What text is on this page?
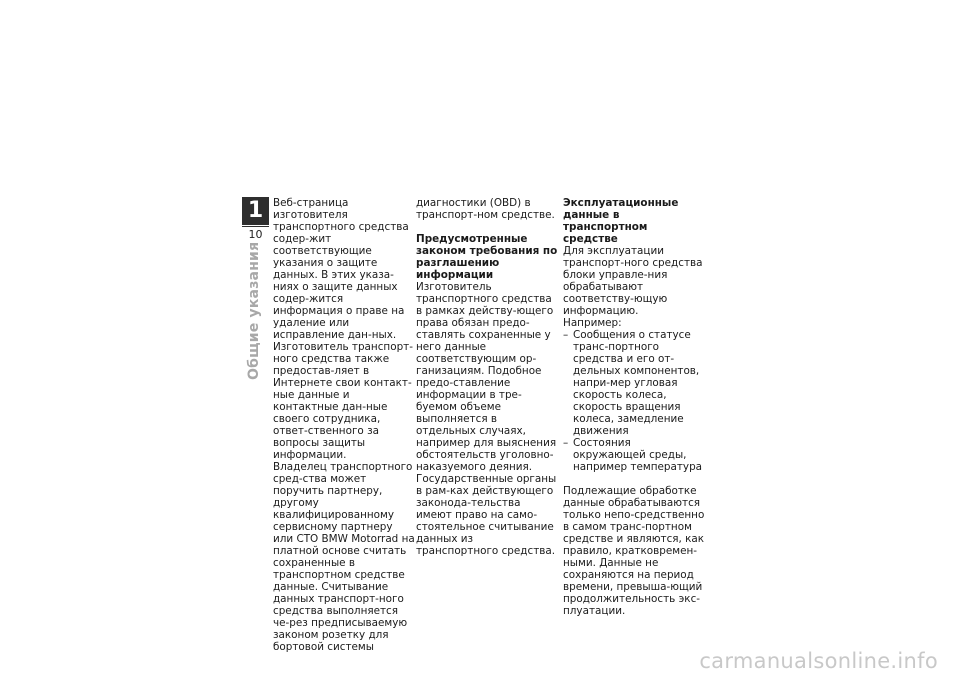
1
10
Общие указания

Веб-страница изготовителя транспортного средства содер-жит соответствующие указания о защите данных. В этих указа-ниях о защите данных содер-жится информация о праве на удаление или исправление дан-ных. Изготовитель транспорт-ного средства также предостав-ляет в Интернете свои контакт-ные данные и контактные дан-ные своего сотрудника, ответ-ственного за вопросы защиты информации.

Владелец транспортного сред-ства может поручить партнеру, другому квалифицированному сервисному партнеру или СТО BMW Motorrad на платной основе считать сохраненные в транспортном средстве данные. Считывание данных транспорт-ного средства выполняется че-рез предписываемую законом розетку для бортовой системы

диагностики (OBD) в транспорт-ном средстве.

Предусмотренные законом требования по разглашению информации

Изготовитель транспортного средства в рамках действу-ющего права обязан предо-ставлять сохраненные у него данные соответствующим ор-ганизациям. Подобное предо-ставление информации в тре-буемом объеме выполняется в отдельных случаях, например для выяснения обстоятельств уголовно-наказуемого деяния. Государственные органы в рам-ках действующего законода-тельства имеют право на само-стоятельное считывание данных из транспортного средства.

Эксплуатационные данные в транспортном средстве

Для эксплуатации транспорт-ного средства блоки управле-ния обрабатывают соответству-ющую информацию.

Например:

– Сообщения о статусе транс-портного средства и его от-дельных компонентов, напри-мер угловая скорость колеса, скорость вращения колеса, замедление движения
– Состояния окружающей среды, например температура

Подлежащие обработке данные обрабатываются только непо-средственно в самом транс-портном средстве и являются, как правило, кратковремен-ными. Данные не сохраняются на период времени, превыша-ющий продолжительность экс-плуатации.

carmanualsonline.info
